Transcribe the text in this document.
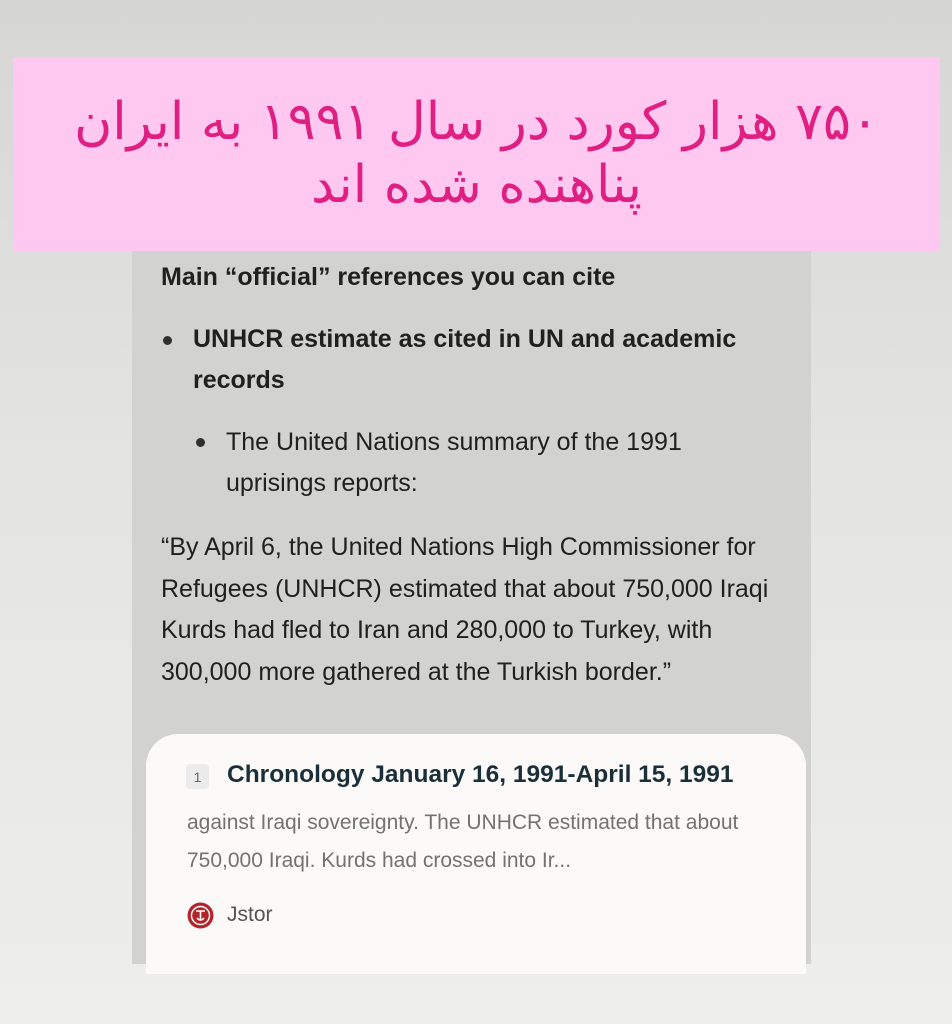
۷۵۰ هزار کورد در سال ۱۹۹۱ به ایران
پناهنده شده اند
Main “official” references you can cite
UNHCR estimate as cited in UN and academic records
The United Nations summary of the 1991 uprisings reports:
“By April 6, the United Nations High Commissioner for Refugees (UNHCR) estimated that about 750,000 Iraqi Kurds had fled to Iran and 280,000 to Turkey, with 300,000 more gathered at the Turkish border.”
1	Chronology January 16, 1991-April 15, 1991
against Iraqi sovereignty. The UNHCR estimated that about 750,000 Iraqi. Kurds had crossed into Ir...
Jstor
